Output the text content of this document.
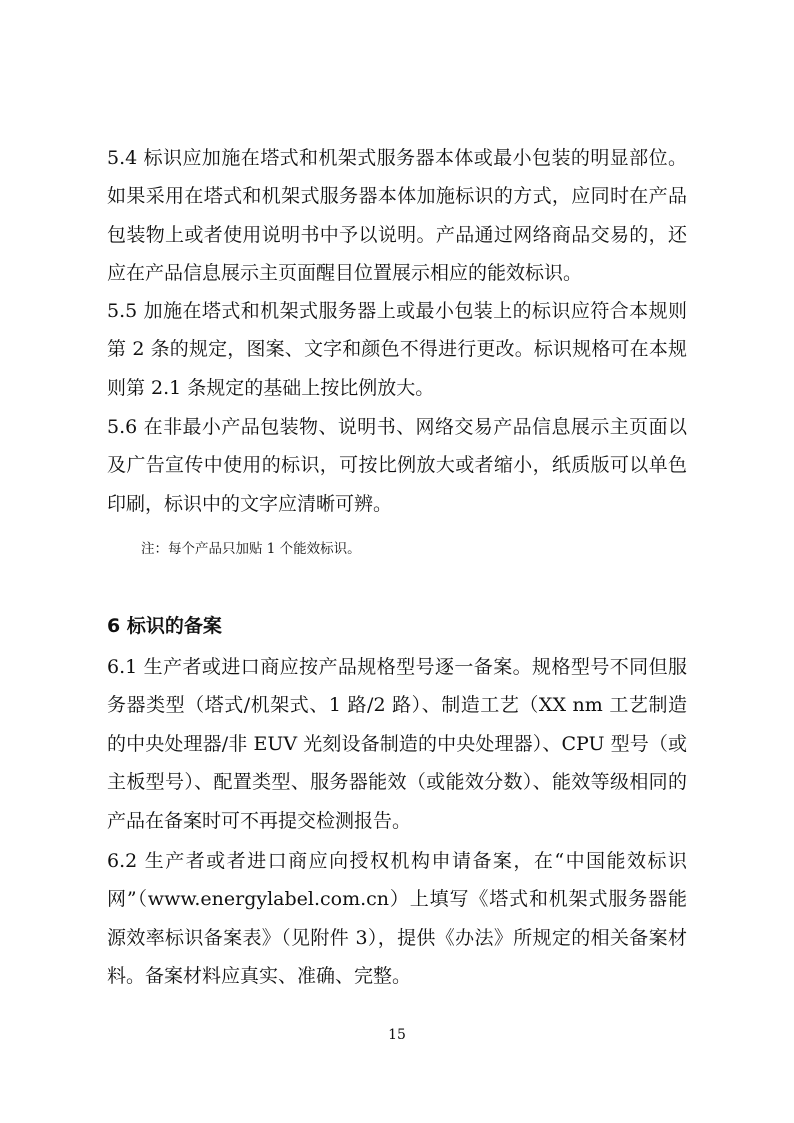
5.4 标识应加施在塔式和机架式服务器本体或最小包装的明显部位。如果采用在塔式和机架式服务器本体加施标识的方式，应同时在产品包装物上或者使用说明书中予以说明。产品通过网络商品交易的，还应在产品信息展示主页面醒目位置展示相应的能效标识。

5.5 加施在塔式和机架式服务器上或最小包装上的标识应符合本规则第 2 条的规定，图案、文字和颜色不得进行更改。标识规格可在本规则第 2.1 条规定的基础上按比例放大。

5.6 在非最小产品包装物、说明书、网络交易产品信息展示主页面以及广告宣传中使用的标识，可按比例放大或者缩小，纸质版可以单色印刷，标识中的文字应清晰可辨。

注：每个产品只加贴 1 个能效标识。
6 标识的备案

6.1 生产者或进口商应按产品规格型号逐一备案。规格型号不同但服务器类型（塔式/机架式、1 路/2 路）、制造工艺（XX nm 工艺制造的中央处理器/非 EUV 光刻设备制造的中央处理器）、CPU 型号（或主板型号）、配置类型、服务器能效（或能效分数）、能效等级相同的产品在备案时可不再提交检测报告。

6.2 生产者或者进口商应向授权机构申请备案，在“中国能效标识网”（www.energylabel.com.cn）上填写《塔式和机架式服务器能源效率标识备案表》（见附件 3），提供《办法》所规定的相关备案材料。备案材料应真实、准确、完整。

15
